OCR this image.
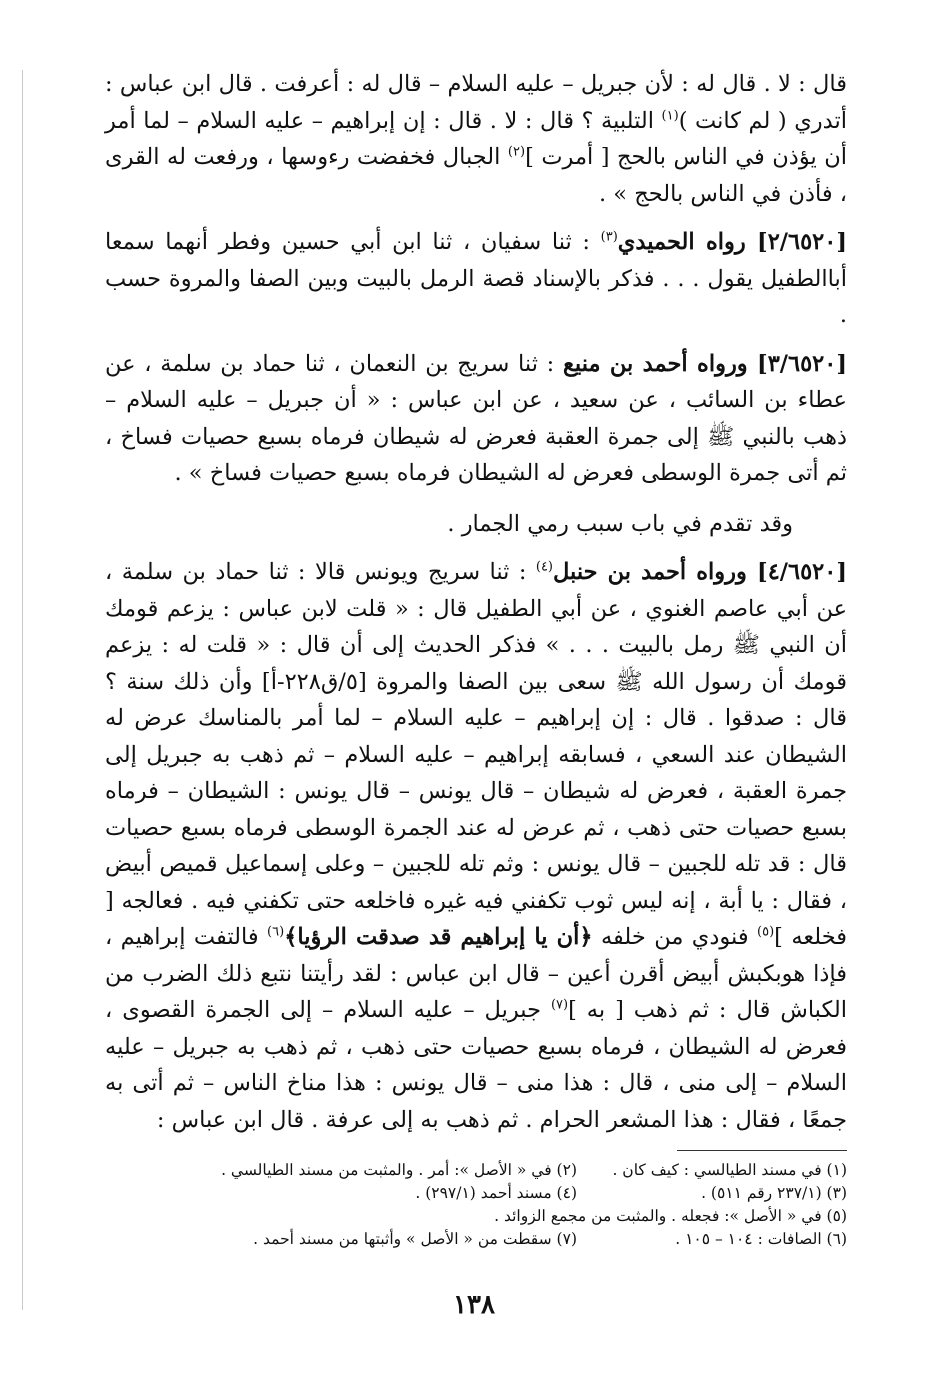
قال : لا . قال له : لأن جبريل – عليه السلام – قال له : أعرفت . قال ابن عباس : أتدري ( لم كانت )$^{(١)}$ التلبية ؟ قال : لا . قال : إن إبراهيم – عليه السلام – لما أمر أن يؤذن في الناس بالحج [ أمرت ]$^{(٢)}$ الجبال فخفضت رءوسها ، ورفعت له القرى ، فأذن في الناس بالحج » .

[٢/٦٥٢٠] رواه الحميدي$^{(٣)}$ : ثنا سفيان ، ثنا ابن أبي حسين وفطر أنهما سمعا أباالطفيل يقول . . . فذكر بالإسناد قصة الرمل بالبيت وبين الصفا والمروة حسب .

[٣/٦٥٢٠] ورواه أحمد بن منيع : ثنا سريج بن النعمان ، ثنا حماد بن سلمة ، عن عطاء بن السائب ، عن سعيد ، عن ابن عباس : « أن جبريل – عليه السلام – ذهب بالنبي ﷺ إلى جمرة العقبة فعرض له شيطان فرماه بسبع حصيات فساخ ، ثم أتى جمرة الوسطى فعرض له الشيطان فرماه بسبع حصيات فساخ » .

وقد تقدم في باب سبب رمي الجمار .

[٤/٦٥٢٠] ورواه أحمد بن حنبل$^{(٤)}$ : ثنا سريج ويونس قالا : ثنا حماد بن سلمة ، عن أبي عاصم الغنوي ، عن أبي الطفيل قال : « قلت لابن عباس : يزعم قومك أن النبي ﷺ رمل بالبيت . . . » فذكر الحديث إلى أن قال : « قلت له : يزعم قومك أن رسول الله ﷺ سعى بين الصفا والمروة [٥/ق٢٢٨-أ] وأن ذلك سنة ؟ قال : صدقوا . قال : إن إبراهيم – عليه السلام – لما أمر بالمناسك عرض له الشيطان عند السعي ، فسابقه إبراهيم – عليه السلام – ثم ذهب به جبريل إلى جمرة العقبة ، فعرض له شيطان – قال يونس – قال يونس : الشيطان – فرماه بسبع حصيات حتى ذهب ، ثم عرض له عند الجمرة الوسطى فرماه بسبع حصيات قال : قد تله للجبين – قال يونس : وثم تله للجبين – وعلى إسماعيل قميص أبيض ، فقال : يا أبة ، إنه ليس ثوب تكفني فيه غيره فاخلعه حتى تكفني فيه . فعالجه [ فخلعه ]$^{(٥)}$ فنودي من خلفه ﴿أن يا إبراهيم قد صدقت الرؤيا﴾$^{(٦)}$ فالتفت إبراهيم ، فإذا هوبكبش أبيض أقرن أعين – قال ابن عباس : لقد رأيتنا نتبع ذلك الضرب من الكباش قال : ثم ذهب [ به ]$^{(٧)}$ جبريل – عليه السلام – إلى الجمرة القصوى ، فعرض له الشيطان ، فرماه بسبع حصيات حتى ذهب ، ثم ذهب به جبريل – عليه السلام – إلى منى ، قال : هذا منى – قال يونس : هذا مناخ الناس – ثم أتى به جمعًا ، فقال : هذا المشعر الحرام . ثم ذهب به إلى عرفة . قال ابن عباس :

(١) في مسند الطيالسي : كيف كان .
(٢) في « الأصل »: أمر . والمثبت من مسند الطيالسي .
(٣) (٢٣٧/١ رقم ٥١١) .
(٤) مسند أحمد (٢٩٧/١) .
(٥) في « الأصل »: فجعله . والمثبت من مجمع الزوائد .
(٦) الصافات : ١٠٤ – ١٠٥ .
(٧) سقطت من « الأصل » وأثبتها من مسند أحمد .
١٣٨
